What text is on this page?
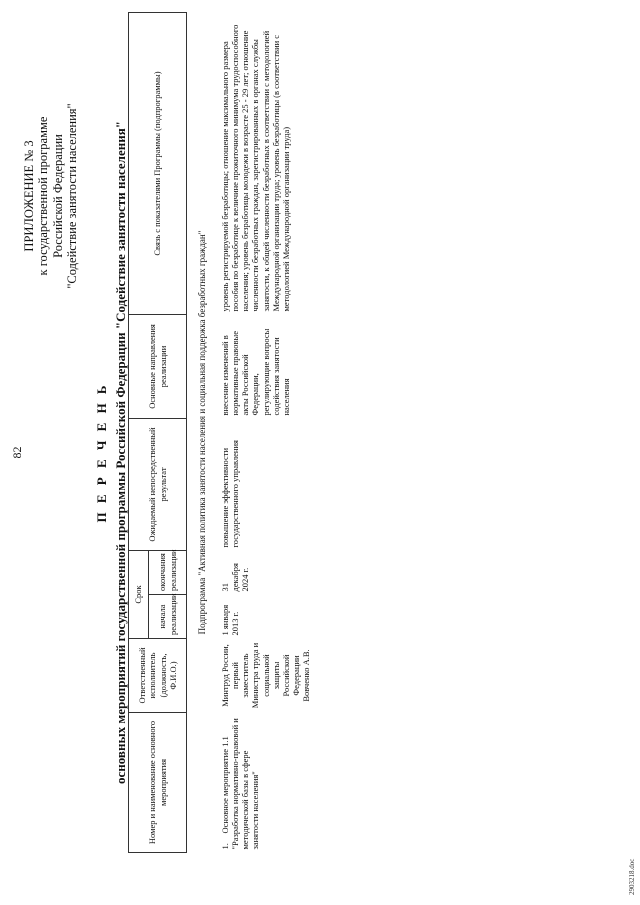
82
ПРИЛОЖЕНИЕ № 3 к государственной программе Российской Федерации "Содействие занятости населения"
П Е Р Е Ч Е Н Ь основных мероприятий государственной программы Российской Федерации "Содействие занятости населения" Номер и наименование основного мероприятия	Ответственный исполнитель (должность, Ф.И.О.)	Срок		Ожидаемый непосредственный результат	Основные направления реализации	Связь с показателями Программы (подпрограммы)
		начала реализации	окончания реализации			
Подпрограмма "Активная политика занятости населения и социальная поддержка безработных граждан"						
1.Основное мероприятие 1.1 "Разработка нормативно-правовой и методической базы в сфере занятости населения"	Минтруд России, первый заместитель Министра труда и социальной защиты Российской Федерации Вовченко А.В.	1 января 2013 г.	31 декабря 2024 г.	повышение эффективности государственного управления	внесение изменений в нормативные правовые акты Российской Федерации, регулирующие вопросы содействия занятости населения	уровень регистрируемой безработицы; отношение максимального размера пособия по безработице к величине прожиточного минимума трудоспособного населения; уровень безработицы молодежи в возрасте 25 - 29 лет; отношение численности безработных граждан, зарегистрированных в органах службы занятости, к общей численности безработных в соответствии с методологией Международной организации труда; уровень безработицы (в соответствии с методологией Международной организации труда)
2903218.doc
